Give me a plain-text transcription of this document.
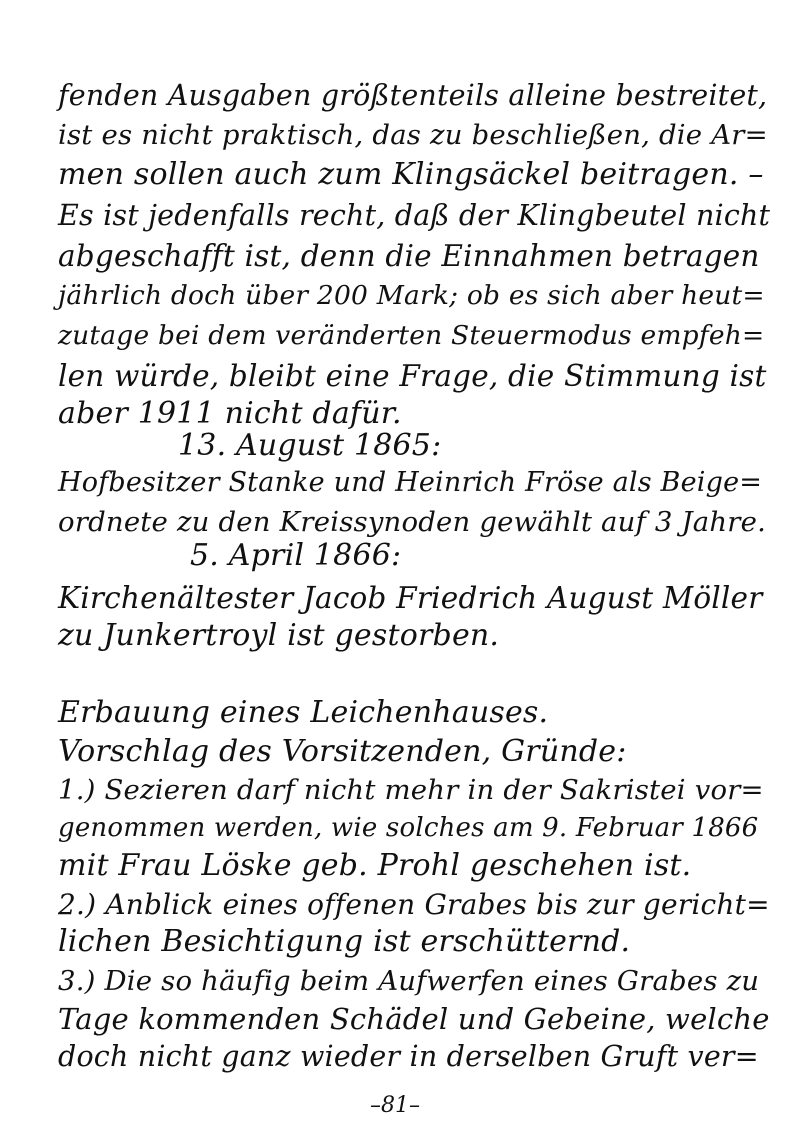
fenden Ausgaben größtenteils alleine bestreitet,
ist es nicht praktisch, das zu beschließen, die Ar=
men sollen auch zum Klingsäckel beitragen. –
Es ist jedenfalls recht, daß der Klingbeutel nicht
abgeschafft ist, denn die Einnahmen betragen
jährlich doch über 200 Mark; ob es sich aber heut=
zutage bei dem veränderten Steuermodus empfeh=
len würde, bleibt eine Frage, die Stimmung ist
aber 1911 nicht dafür.
13. August 1865:
Hofbesitzer Stanke und Heinrich Fröse als Beige=
ordnete zu den Kreissynoden gewählt auf 3 Jahre.
5. April 1866:
Kirchenältester Jacob Friedrich August Möller
zu Junkertroyl ist gestorben.
Erbauung eines Leichenhauses.
Vorschlag des Vorsitzenden, Gründe:
1.) Sezieren darf nicht mehr in der Sakristei vor=
genommen werden, wie solches am 9. Februar 1866
mit Frau Löske geb. Prohl geschehen ist.
2.) Anblick eines offenen Grabes bis zur gericht=
lichen Besichtigung ist erschütternd.
3.) Die so häufig beim Aufwerfen eines Grabes zu
Tage kommenden Schädel und Gebeine, welche
doch nicht ganz wieder in derselben Gruft ver=
–81–
